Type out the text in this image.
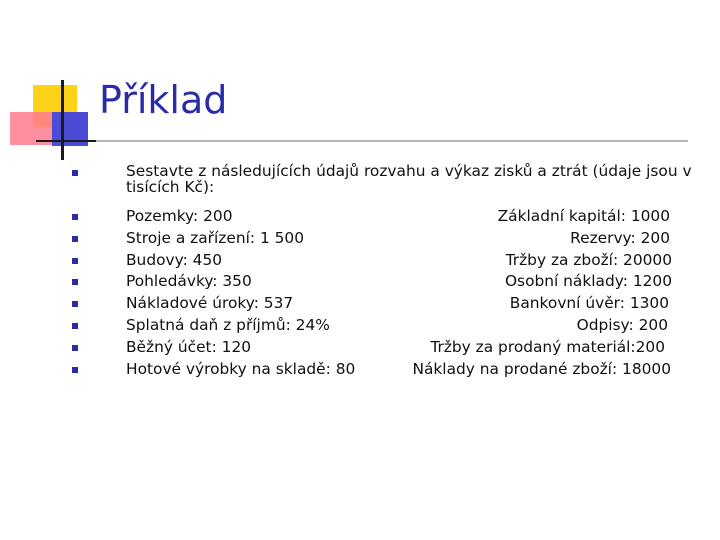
Příklad
Sestavte z následujících údajů rozvahu a výkaz zisků a ztrát (údaje jsou v tisících Kč):
Pozemky: 200	Základní kapitál: 1000
Stroje a zařízení: 1 500	Rezervy: 200
Budovy: 450	Tržby za zboží: 20000
Pohledávky: 350	Osobní náklady: 1200
Nákladové úroky: 537	Bankovní úvěr: 1300
Splatná daň z příjmů: 24%	Odpisy: 200
Běžný účet: 120	Tržby za prodaný materiál:200
Hotové výrobky na skladě: 80	Náklady na prodané zboží: 18000
